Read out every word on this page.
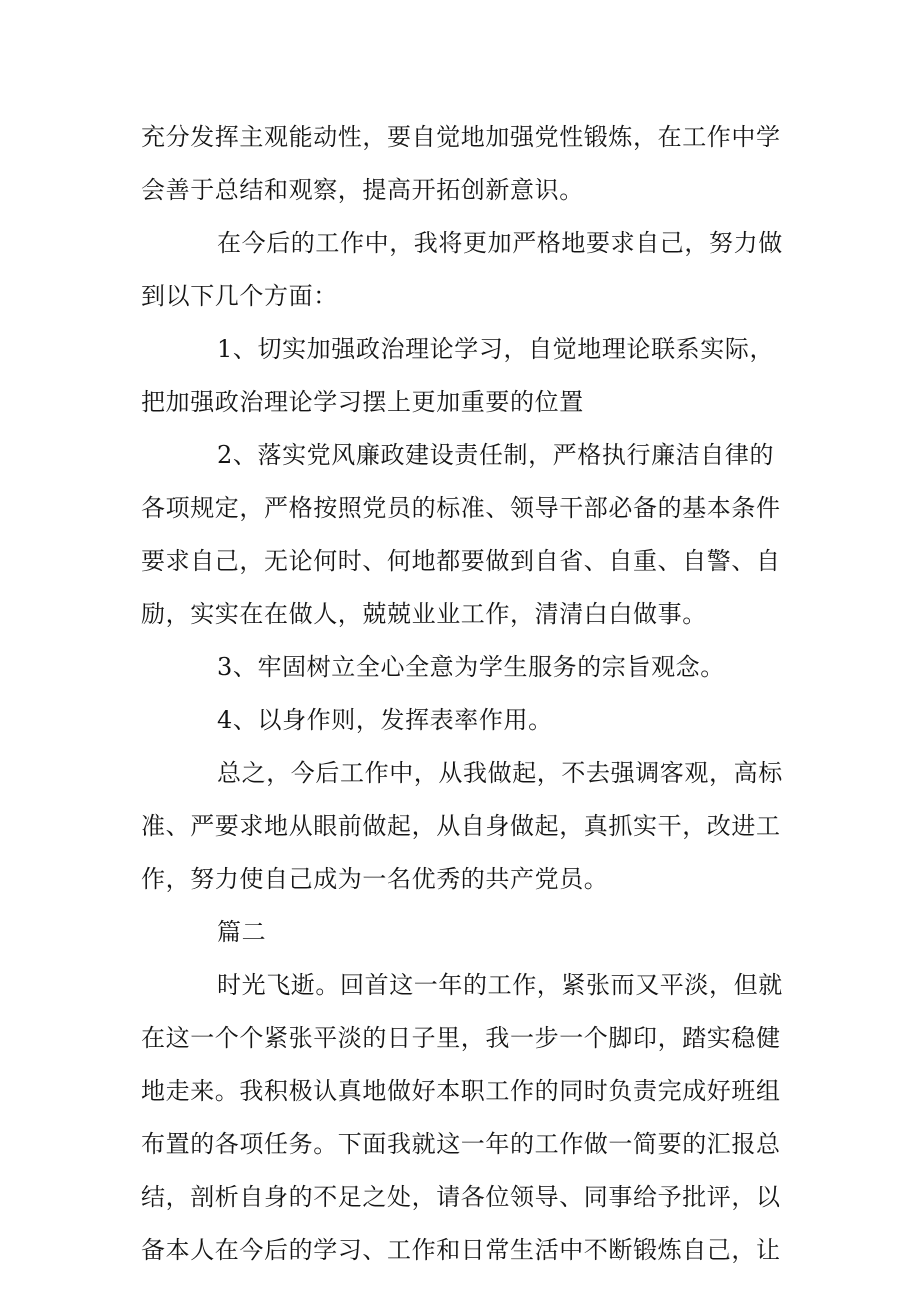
充分发挥主观能动性，要自觉地加强党性锻炼，在工作中学
会善于总结和观察，提高开拓创新意识。
在今后的工作中，我将更加严格地要求自己，努力做
到以下几个方面：
1、切实加强政治理论学习，自觉地理论联系实际，
把加强政治理论学习摆上更加重要的位置
2、落实党风廉政建设责任制，严格执行廉洁自律的
各项规定，严格按照党员的标准、领导干部必备的基本条件
要求自己，无论何时、何地都要做到自省、自重、自警、自
励，实实在在做人，兢兢业业工作，清清白白做事。
3、牢固树立全心全意为学生服务的宗旨观念。
4、以身作则，发挥表率作用。
总之，今后工作中，从我做起，不去强调客观，高标
准、严要求地从眼前做起，从自身做起，真抓实干，改进工
作，努力使自己成为一名优秀的共产党员。
篇二
时光飞逝。回首这一年的工作，紧张而又平淡，但就
在这一个个紧张平淡的日子里，我一步一个脚印，踏实稳健
地走来。我积极认真地做好本职工作的同时负责完成好班组
布置的各项任务。下面我就这一年的工作做一简要的汇报总
结，剖析自身的不足之处，请各位领导、同事给予批评，以
备本人在今后的学习、工作和日常生活中不断锻炼自己，让
